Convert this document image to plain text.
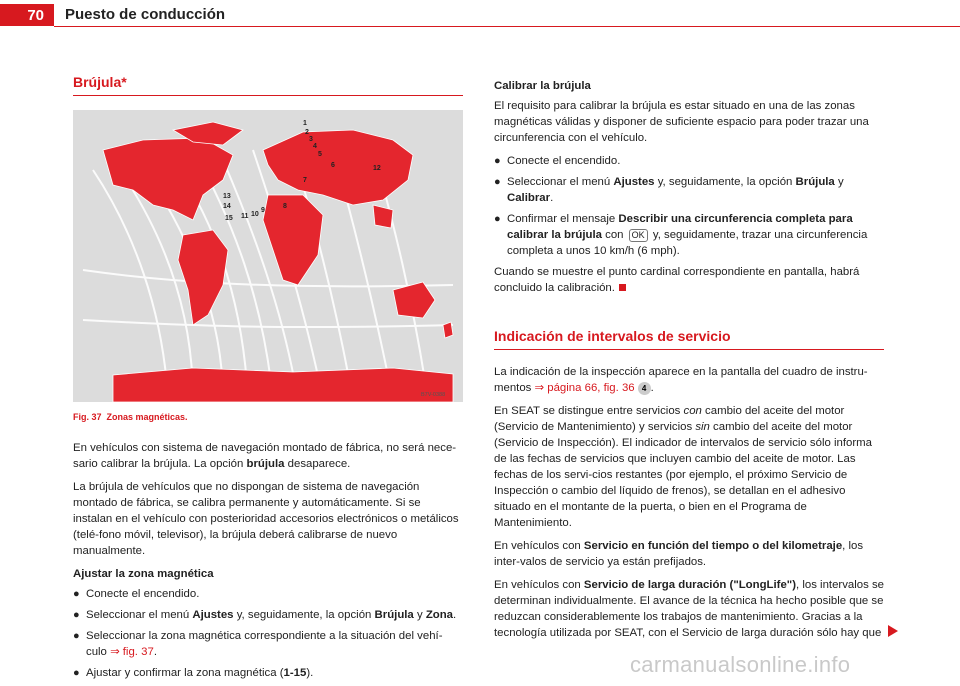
70	Puesto de conducción
Brújula*
1
2
3
4
5
6
7
8
9
10
11
12
13
14
15
B7V-0388
Fig. 37 Zonas magnéticas.

En vehículos con sistema de navegación montado de fábrica, no será nece-sario calibrar la brújula. La opción brújula desaparece.

La brújula de vehículos que no dispongan de sistema de navegación montado de fábrica, se calibra permanente y automáticamente. Si se instalan en el vehículo con posterioridad accesorios electrónicos o metálicos (telé-fono móvil, televisor), la brújula deberá calibrarse de nuevo manualmente.

Ajustar la zona magnética

● Conecte el encendido.

● Seleccionar el menú Ajustes y, seguidamente, la opción Brújula y Zona.

● Seleccionar la zona magnética correspondiente a la situación del vehí-culo ⇒ fig. 37.

● Ajustar y confirmar la zona magnética (1-15).

Calibrar la brújula

El requisito para calibrar la brújula es estar situado en una de las zonas magnéticas válidas y disponer de suficiente espacio para poder trazar una circunferencia con el vehículo.

● Conecte el encendido.

● Seleccionar el menú Ajustes y, seguidamente, la opción Brújula y Calibrar.

● Confirmar el mensaje Describir una circunferencia completa para calibrar la brújula con OK y, seguidamente, trazar una circunferencia completa a unos 10 km/h (6 mph).

Cuando se muestre el punto cardinal correspondiente en pantalla, habrá concluido la calibración.

Indicación de intervalos de servicio

La indicación de la inspección aparece en la pantalla del cuadro de instru-mentos ⇒ página 66, fig. 36 4 .

En SEAT se distingue entre servicios con cambio del aceite del motor (Servicio de Mantenimiento) y servicios sin cambio del aceite del motor (Servicio de Inspección). El indicador de intervalos de servicio sólo informa de las fechas de servicios que incluyen cambio del aceite de motor. Las fechas de los servi-cios restantes (por ejemplo, el próximo Servicio de Inspección o cambio del líquido de frenos), se detallan en el adhesivo situado en el montante de la puerta, o bien en el Programa de Mantenimiento.

En vehículos con Servicio en función del tiempo o del kilometraje, los inter-valos de servicio ya están prefijados.

En vehículos con Servicio de larga duración ("LongLife"), los intervalos se determinan individualmente. El avance de la técnica ha hecho posible que se reduzcan considerablemente los trabajos de mantenimiento. Gracias a la tecnología utilizada por SEAT, con el Servicio de larga duración sólo hay que

carmanualsonline.info
